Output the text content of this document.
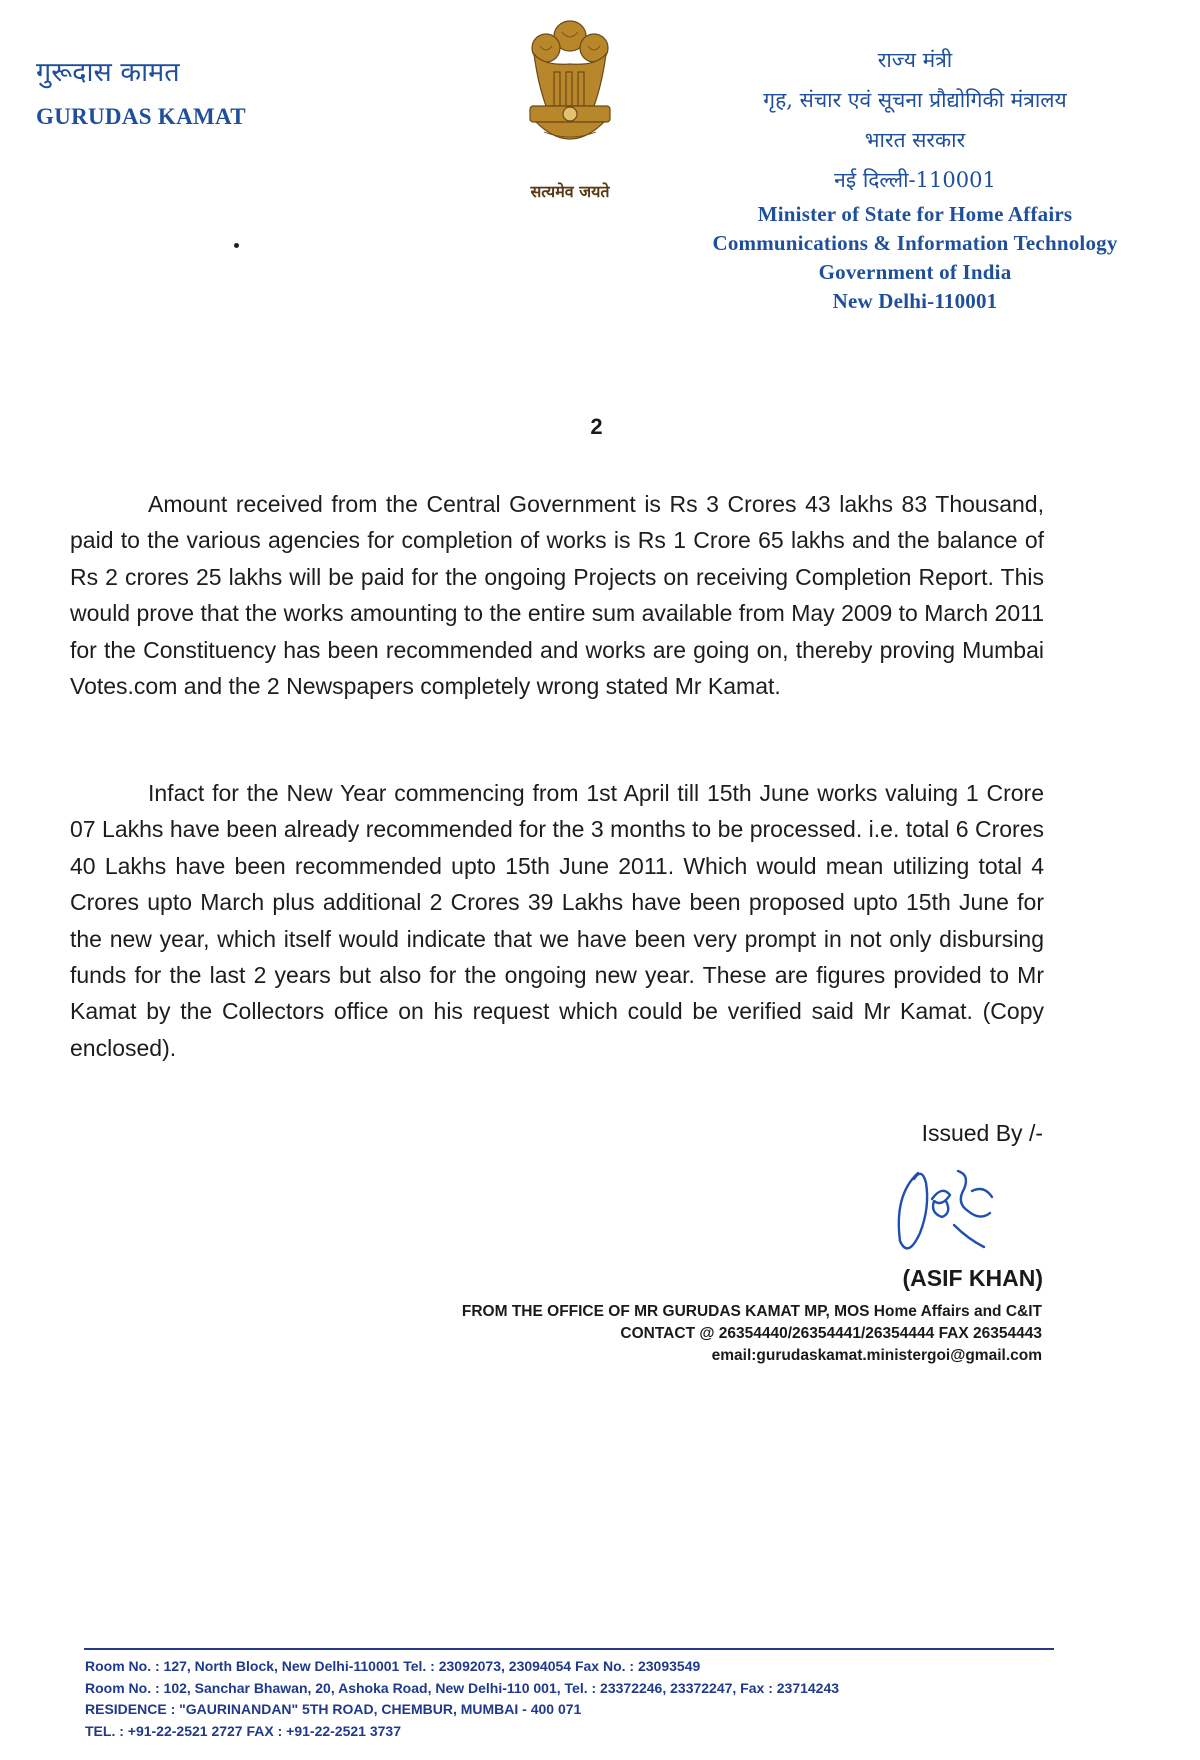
गुरूदास कामत
GURUDAS KAMAT
सत्यमेव जयते
राज्य मंत्री
गृह, संचार एवं सूचना प्रौद्योगिकी मंत्रालय
भारत सरकार
नई दिल्ली-110001
Minister of State for Home Affairs
Communications & Information Technology
Government of India
New Delhi-110001
2
Amount received from the Central Government is Rs 3 Crores 43 lakhs 83 Thousand, paid to the various agencies for completion of works is Rs 1 Crore 65 lakhs and the balance of Rs 2 crores 25 lakhs will be paid for the ongoing Projects on receiving Completion Report. This would prove that the works amounting to the entire sum available from May 2009 to March 2011 for the Constituency has been recommended and works are going on, thereby proving Mumbai Votes.com and the 2 Newspapers completely wrong stated Mr Kamat.
Infact for the New Year commencing from 1st April till 15th June works valuing 1 Crore 07 Lakhs have been already recommended for the 3 months to be processed. i.e. total 6 Crores 40 Lakhs have been recommended upto 15th June 2011. Which would mean utilizing total 4 Crores upto March plus additional 2 Crores 39 Lakhs have been proposed upto 15th June for the new year, which itself would indicate that we have been very prompt in not only disbursing funds for the last 2 years but also for the ongoing new year. These are figures provided to Mr Kamat by the Collectors office on his request which could be verified said Mr Kamat. (Copy enclosed).
Issued By /-
(ASIF KHAN)
FROM THE OFFICE OF MR GURUDAS KAMAT MP, MOS Home Affairs and C&IT
CONTACT @ 26354440/26354441/26354444 FAX 26354443
email:gurudaskamat.ministergoi@gmail.com
Room No. : 127, North Block, New Delhi-110001 Tel. : 23092073, 23094054 Fax No. : 23093549
Room No. : 102, Sanchar Bhawan, 20, Ashoka Road, New Delhi-110 001, Tel. : 23372246, 23372247, Fax : 23714243
RESIDENCE : "GAURINANDAN" 5TH ROAD, CHEMBUR, MUMBAI - 400 071
TEL. : +91-22-2521 2727 FAX : +91-22-2521 3737
